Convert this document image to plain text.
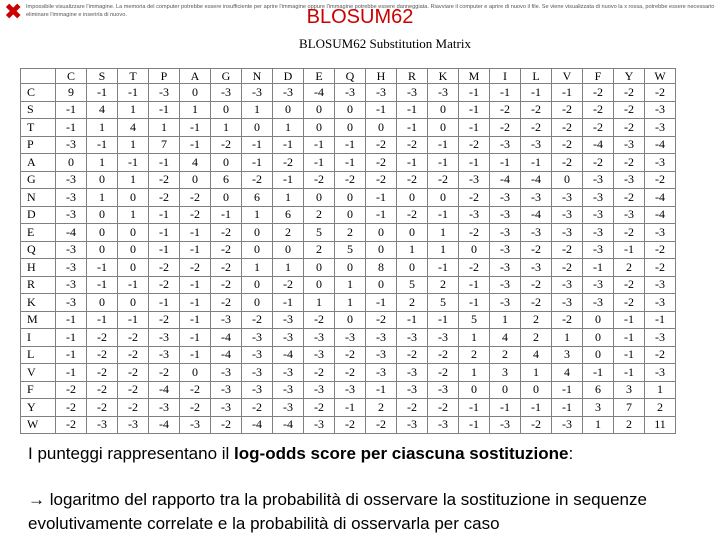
✖ Impossibile visualizzare l'immagine. La memoria del computer potrebbe essere insufficiente per aprire l'immagine oppure l'immagine potrebbe essere danneggiata. Riavviare il computer e aprire di nuovo il file. Se viene visualizzata di nuovo la x rossa, potrebbe essere necessario eliminare l'immagine e inserirla di nuovo.	BLOSUM62
BLOSUM62 Substitution Matrix
	C	S	T	P	A	G	N	D	E	Q	H	R	K	M	I	L	V	F	Y	W
C	9	-1	-1	-3	0	-3	-3	-3	-4	-3	-3	-3	-3	-1	-1	-1	-1	-2	-2	-2
S	-1	4	1	-1	1	0	1	0	0	0	-1	-1	0	-1	-2	-2	-2	-2	-2	-3
T	-1	1	4	1	-1	1	0	1	0	0	0	-1	0	-1	-2	-2	-2	-2	-2	-3
P	-3	-1	1	7	-1	-2	-1	-1	-1	-1	-2	-2	-1	-2	-3	-3	-2	-4	-3	-4
A	0	1	-1	-1	4	0	-1	-2	-1	-1	-2	-1	-1	-1	-1	-1	-2	-2	-2	-3
G	-3	0	1	-2	0	6	-2	-1	-2	-2	-2	-2	-2	-3	-4	-4	0	-3	-3	-2
N	-3	1	0	-2	-2	0	6	1	0	0	-1	0	0	-2	-3	-3	-3	-3	-2	-4
D	-3	0	1	-1	-2	-1	1	6	2	0	-1	-2	-1	-3	-3	-4	-3	-3	-3	-4
E	-4	0	0	-1	-1	-2	0	2	5	2	0	0	1	-2	-3	-3	-3	-3	-2	-3
Q	-3	0	0	-1	-1	-2	0	0	2	5	0	1	1	0	-3	-2	-2	-3	-1	-2
H	-3	-1	0	-2	-2	-2	1	1	0	0	8	0	-1	-2	-3	-3	-2	-1	2	-2
R	-3	-1	-1	-2	-1	-2	0	-2	0	1	0	5	2	-1	-3	-2	-3	-3	-2	-3
K	-3	0	0	-1	-1	-2	0	-1	1	1	-1	2	5	-1	-3	-2	-3	-3	-2	-3
M	-1	-1	-1	-2	-1	-3	-2	-3	-2	0	-2	-1	-1	5	1	2	-2	0	-1	-1
I	-1	-2	-2	-3	-1	-4	-3	-3	-3	-3	-3	-3	-3	1	4	2	1	0	-1	-3
L	-1	-2	-2	-3	-1	-4	-3	-4	-3	-2	-3	-2	-2	2	2	4	3	0	-1	-2
V	-1	-2	-2	-2	0	-3	-3	-3	-2	-2	-3	-3	-2	1	3	1	4	-1	-1	-3
F	-2	-2	-2	-4	-2	-3	-3	-3	-3	-3	-1	-3	-3	0	0	0	-1	6	3	1
Y	-2	-2	-2	-3	-2	-3	-2	-3	-2	-1	2	-2	-2	-1	-1	-1	-1	3	7	2
W	-2	-3	-3	-4	-3	-2	-4	-4	-3	-2	-2	-3	-3	-1	-3	-2	-3	1	2	11
I punteggi rappresentano il log-odds score per ciascuna sostituzione:
→ logaritmo del rapporto tra la probabilità di osservare la sostituzione in sequenze evolutivamente correlate e la probabilità di osservarla per caso
